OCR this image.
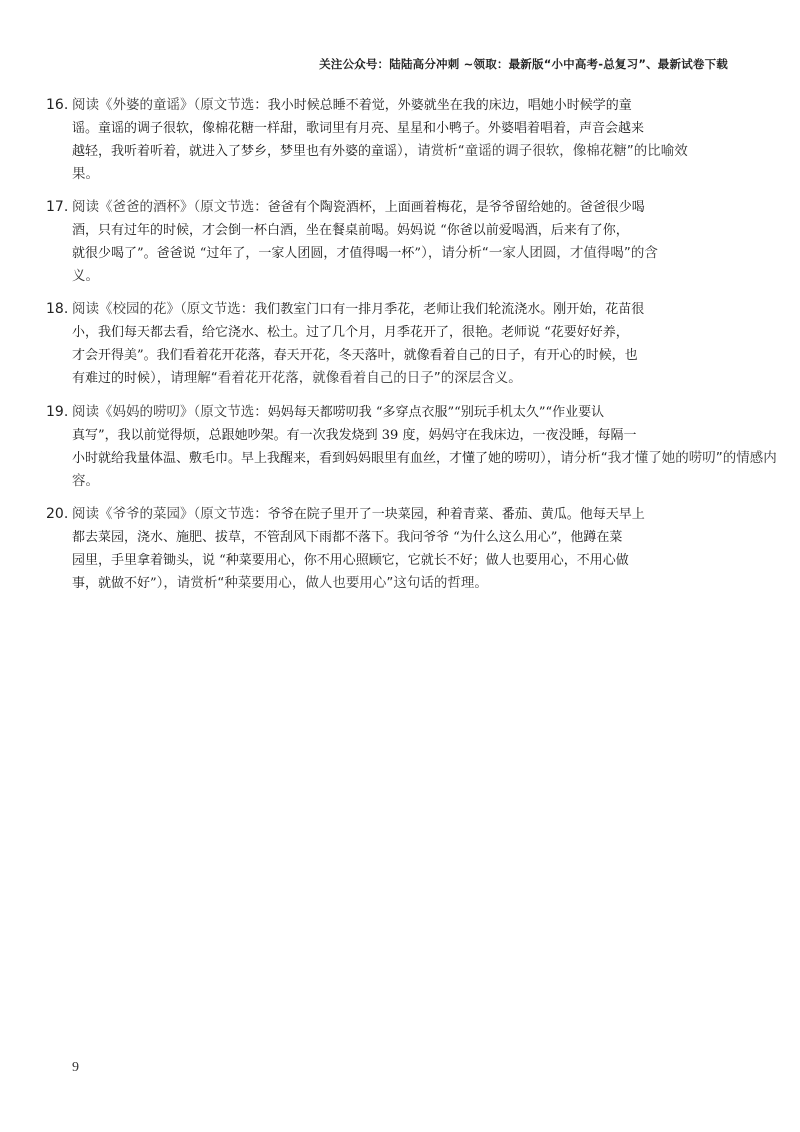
关注公众号：陆陆高分冲刺 ~领取：最新版“小中高考-总复习”、最新试卷下载
16. 阅读《外婆的童谣》（原文节选：我小时候总睡不着觉，外婆就坐在我的床边，唱她小时候学的童
谣。童谣的调子很软，像棉花糖一样甜，歌词里有月亮、星星和小鸭子。外婆唱着唱着，声音会越来
越轻，我听着听着，就进入了梦乡，梦里也有外婆的童谣），请赏析“童谣的调子很软，像棉花糖”的比喻效
果。
17. 阅读《爸爸的酒杯》（原文节选：爸爸有个陶瓷酒杯，上面画着梅花，是爷爷留给她的。爸爸很少喝
酒，只有过年的时候，才会倒一杯白酒，坐在餐桌前喝。妈妈说 “你爸以前爱喝酒，后来有了你，
就很少喝了”。爸爸说 “过年了，一家人团圆，才值得喝一杯”），请分析“一家人团圆，才值得喝”的含
义。
18. 阅读《校园的花》（原文节选：我们教室门口有一排月季花，老师让我们轮流浇水。刚开始，花苗很
小，我们每天都去看，给它浇水、松土。过了几个月，月季花开了，很艳。老师说 “花要好好养，
才会开得美”。我们看着花开花落，春天开花，冬天落叶，就像看着自己的日子，有开心的时候，也
有难过的时候），请理解“看着花开花落，就像看着自己的日子”的深层含义。
19. 阅读《妈妈的唠叨》（原文节选：妈妈每天都唠叨我 “多穿点衣服”“别玩手机太久”“作业要认
真写”，我以前觉得烦，总跟她吵架。有一次我发烧到 39 度，妈妈守在我床边，一夜没睡，每隔一
小时就给我量体温、敷毛巾。早上我醒来，看到妈妈眼里有血丝，才懂了她的唠叨），请分析“我才懂了她的唠叨”的情感内
容。
20. 阅读《爷爷的菜园》（原文节选：爷爷在院子里开了一块菜园，种着青菜、番茄、黄瓜。他每天早上
都去菜园，浇水、施肥、拔草，不管刮风下雨都不落下。我问爷爷 “为什么这么用心”，他蹲在菜
园里，手里拿着锄头，说 “种菜要用心，你不用心照顾它，它就长不好；做人也要用心，不用心做
事，就做不好”），请赏析“种菜要用心，做人也要用心”这句话的哲理。
9
